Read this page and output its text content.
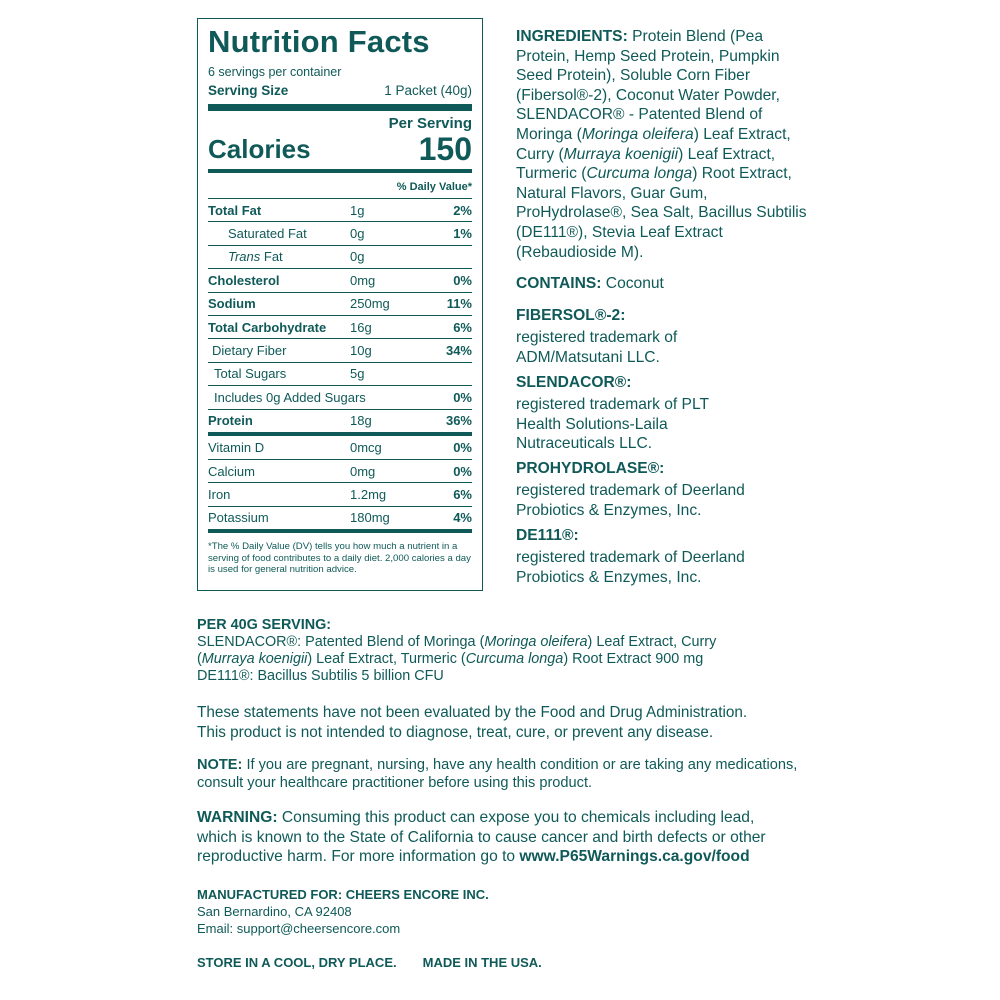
Nutrition Facts
6 servings per container
Serving Size	1 Packet (40g)
Per Serving
Calories	150
% Daily Value*
Total Fat	1g	2%
Saturated Fat	0g	1%
Trans Fat	0g
Cholesterol	0mg	0%
Sodium	250mg	11%
Total Carbohydrate	16g	6%
Dietary Fiber	10g	34%
Total Sugars	5g
Includes 0g Added Sugars	0%
Protein	18g	36%
Vitamin D	0mcg	0%
Calcium	0mg	0%
Iron	1.2mg	6%
Potassium	180mg	4%
*The % Daily Value (DV) tells you how much a nutrient in a serving of food contributes to a daily diet. 2,000 calories a day is used for general nutrition advice.
INGREDIENTS: Protein Blend (Pea Protein, Hemp Seed Protein, Pumpkin Seed Protein), Soluble Corn Fiber (Fibersol®-2), Coconut Water Powder, SLENDACOR® - Patented Blend of Moringa (Moringa oleifera) Leaf Extract, Curry (Murraya koenigii) Leaf Extract, Turmeric (Curcuma longa) Root Extract, Natural Flavors, Guar Gum, ProHydrolase®, Sea Salt, Bacillus Subtilis (DE111®), Stevia Leaf Extract (Rebaudioside M).
CONTAINS: Coconut
FIBERSOL®-2:
registered trademark of ADM/Matsutani LLC.
SLENDACOR®:
registered trademark of PLT Health Solutions-Laila Nutraceuticals LLC.
PROHYDROLASE®:
registered trademark of Deerland Probiotics & Enzymes, Inc.
DE111®:
registered trademark of Deerland Probiotics & Enzymes, Inc.
PER 40G SERVING:
SLENDACOR®: Patented Blend of Moringa (Moringa oleifera) Leaf Extract, Curry
(Murraya koenigii) Leaf Extract, Turmeric (Curcuma longa) Root Extract 900 mg
DE111®: Bacillus Subtilis 5 billion CFU
These statements have not been evaluated by the Food and Drug Administration. This product is not intended to diagnose, treat, cure, or prevent any disease.
NOTE: If you are pregnant, nursing, have any health condition or are taking any medications, consult your healthcare practitioner before using this product.
WARNING: Consuming this product can expose you to chemicals including lead, which is known to the State of California to cause cancer and birth defects or other reproductive harm. For more information go to www.P65Warnings.ca.gov/food
MANUFACTURED FOR: CHEERS ENCORE INC.
San Bernardino, CA 92408
Email: support@cheersencore.com
STORE IN A COOL, DRY PLACE. MADE IN THE USA.
